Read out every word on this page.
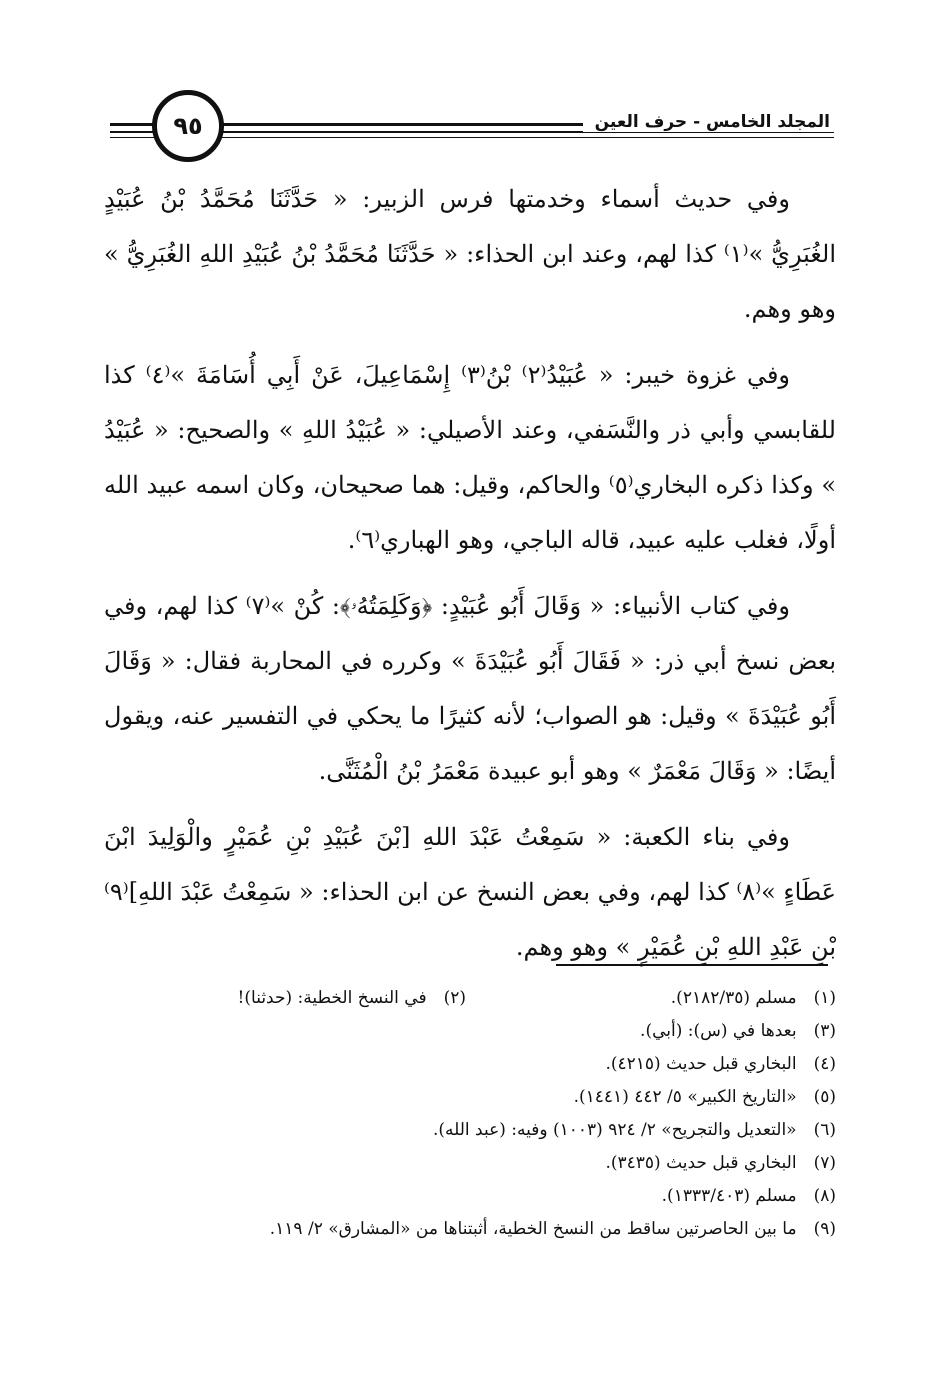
المجلد الخامس - حرف العين
٩٥

وفي حديث أسماء وخدمتها فرس الزبير: « حَدَّثَنَا مُحَمَّدُ بْنُ عُبَيْدٍ الغُبَرِيُّ »⁽١⁾ كذا لهم، وعند ابن الحذاء: « حَدَّثَنَا مُحَمَّدُ بْنُ عُبَيْدِ اللهِ الغُبَرِيُّ » وهو وهم.

وفي غزوة خيبر: « عُبَيْدُ⁽٢⁾ بْنُ⁽٣⁾ إِسْمَاعِيلَ، عَنْ أَبِي أُسَامَةَ »⁽٤⁾ كذا للقابسي وأبي ذر والنَّسَفي، وعند الأصيلي: « عُبَيْدُ اللهِ » والصحيح: « عُبَيْدُ » وكذا ذكره البخاري⁽٥⁾ والحاكم، وقيل: هما صحيحان، وكان اسمه عبيد الله أولًا، فغلب عليه عبيد، قاله الباجي، وهو الهباري⁽٦⁾.

وفي كتاب الأنبياء: « وَقَالَ أَبُو عُبَيْدٍ: ﴿وَكَلِمَتُهُۥ﴾: كُنْ »⁽٧⁾ كذا لهم، وفي بعض نسخ أبي ذر: « فَقَالَ أَبُو عُبَيْدَةَ » وكرره في المحاربة فقال: « وَقَالَ أَبُو عُبَيْدَةَ » وقيل: هو الصواب؛ لأنه كثيرًا ما يحكي في التفسير عنه، ويقول أيضًا: « وَقَالَ مَعْمَرٌ » وهو أبو عبيدة مَعْمَرُ بْنُ الْمُثَنَّى.

وفي بناء الكعبة: « سَمِعْتُ عَبْدَ اللهِ [بْنَ عُبَيْدِ بْنِ عُمَيْرٍ والْوَلِيدَ ابْنَ عَطَاءٍ »⁽٨⁾ كذا لهم، وفي بعض النسخ عن ابن الحذاء: « سَمِعْتُ عَبْدَ اللهِ]⁽٩⁾ بْنِ عَبْدِ اللهِ بْنِ عُمَيْرٍ » وهو وهم.

(١) مسلم (٢١٨٢/٣٥).
(٢) في النسخ الخطية: (حدثنا)!
(٣) بعدها في (س): (أبي).
(٤) البخاري قبل حديث (٤٢١٥).
(٥) «التاريخ الكبير» ٥/ ٤٤٢ (١٤٤١).
(٦) «التعديل والتجريح» ٢/ ٩٢٤ (١٠٠٣) وفيه: (عبد الله).
(٧) البخاري قبل حديث (٣٤٣٥).
(٨) مسلم (١٣٣٣/٤٠٣).
(٩) ما بين الحاصرتين ساقط من النسخ الخطية، أثبتناها من «المشارق» ٢/ ١١٩.
